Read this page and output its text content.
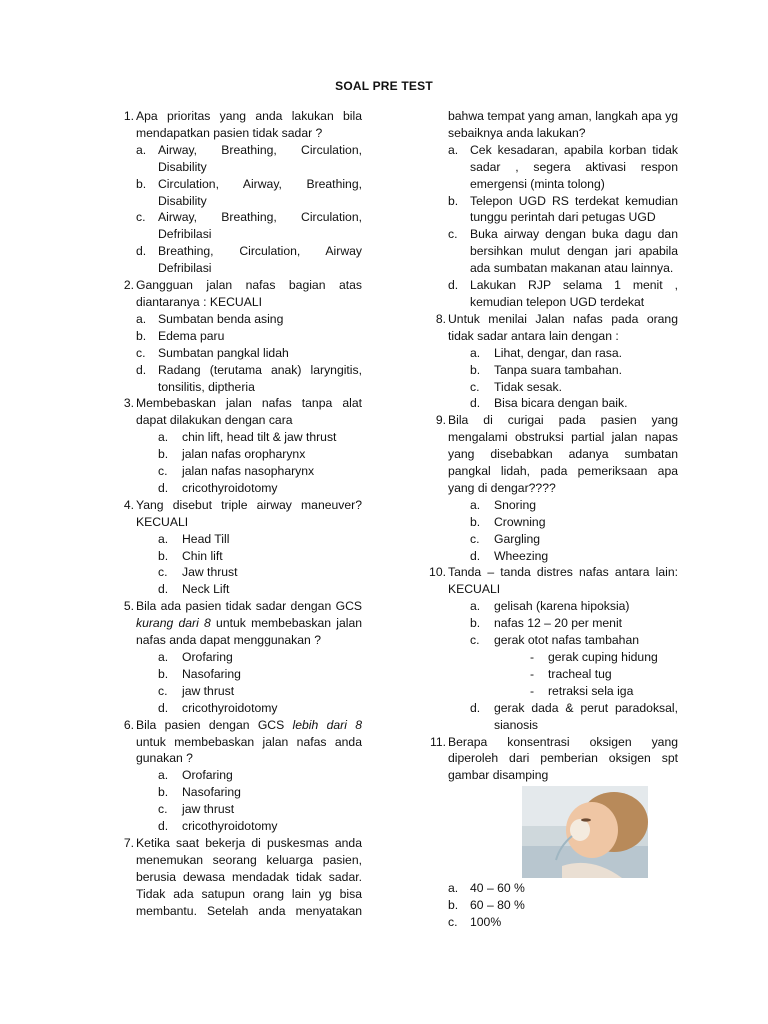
SOAL PRE TEST
1. Apa prioritas yang anda lakukan bila mendapatkan pasien tidak sadar ?
a. Airway, Breathing, Circulation, Disability
b. Circulation, Airway, Breathing, Disability
c. Airway, Breathing, Circulation, Defribilasi
d. Breathing, Circulation, Airway Defribilasi
2. Gangguan jalan nafas bagian atas diantaranya : KECUALI
a. Sumbatan benda asing
b. Edema paru
c. Sumbatan pangkal lidah
d. Radang (terutama anak) laryngitis, tonsilitis, diptheria
3. Membebaskan jalan nafas tanpa alat dapat dilakukan dengan cara
a. chin lift, head tilt & jaw thrust
b. jalan nafas oropharynx
c. jalan nafas nasopharynx
d. cricothyroidotomy
4. Yang disebut triple airway maneuver? KECUALI
a. Head Till
b. Chin lift
c. Jaw thrust
d. Neck Lift
5. Bila ada pasien tidak sadar dengan GCS kurang dari 8 untuk membebaskan jalan nafas anda dapat menggunakan ?
a. Orofaring
b. Nasofaring
c. jaw thrust
d. cricothyroidotomy
6. Bila pasien dengan GCS lebih dari 8 untuk membebaskan jalan nafas anda gunakan ?
a. Orofaring
b. Nasofaring
c. jaw thrust
d. cricothyroidotomy
7. Ketika saat bekerja di puskesmas anda menemukan seorang keluarga pasien, berusia dewasa mendadak tidak sadar. Tidak ada satupun orang lain yg bisa membantu. Setelah anda menyatakan
bahwa tempat yang aman, langkah apa yg sebaiknya anda lakukan?
a. Cek kesadaran, apabila korban tidak sadar , segera aktivasi respon emergensi (minta tolong)
b. Telepon UGD RS terdekat kemudian tunggu perintah dari petugas UGD
c. Buka airway dengan buka dagu dan bersihkan mulut dengan jari apabila ada sumbatan makanan atau lainnya.
d. Lakukan RJP selama 1 menit , kemudian telepon UGD terdekat
8. Untuk menilai Jalan nafas pada orang tidak sadar antara lain dengan :
a. Lihat, dengar, dan rasa.
b. Tanpa suara tambahan.
c. Tidak sesak.
d. Bisa bicara dengan baik.
9. Bila di curigai pada pasien yang mengalami obstruksi partial jalan napas yang disebabkan adanya sumbatan pangkal lidah, pada pemeriksaan apa yang di dengar????
a. Snoring
b. Crowning
c. Gargling
d. Wheezing
10. Tanda – tanda distres nafas antara lain: KECUALI
a. gelisah (karena hipoksia)
b. nafas 12 – 20 per menit
c. gerak otot nafas tambahan
- gerak cuping hidung
- tracheal tug
- retraksi sela iga
d. gerak dada & perut paradoksal, sianosis
11. Berapa konsentrasi oksigen yang diperoleh dari pemberian oksigen spt gambar disamping
a. 40 – 60 %
b. 60 – 80 %
c. 100%
